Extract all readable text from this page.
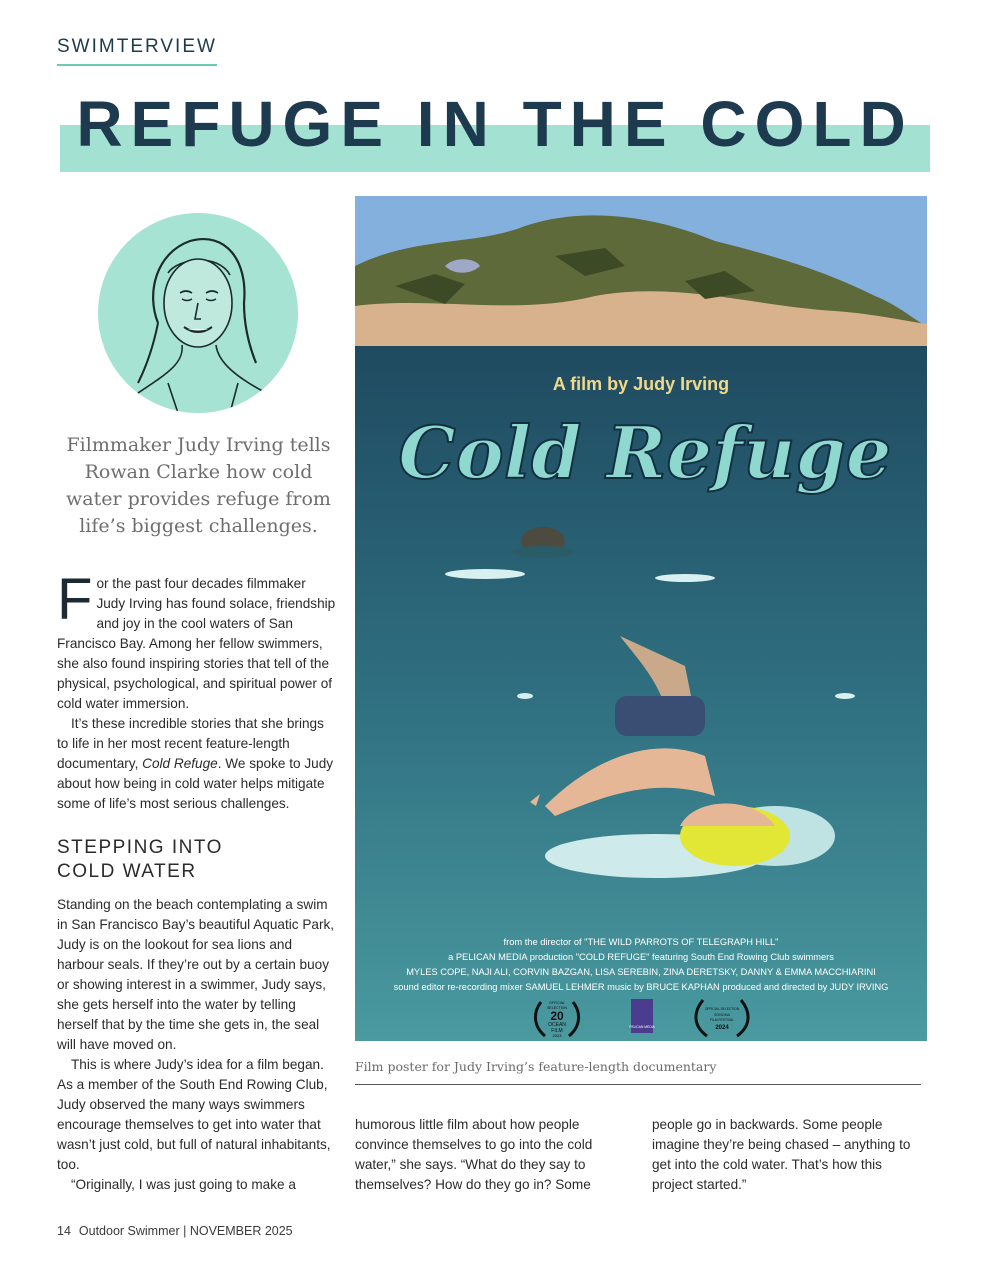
SWIMTERVIEW
REFUGE IN THE COLD
Filmmaker Judy Irving tells Rowan Clarke how cold water provides refuge from life’s biggest challenges.

For the past four decades filmmaker Judy Irving has found solace, friendship and joy in the cool waters of San Francisco Bay. Among her fellow swimmers, she also found inspiring stories that tell of the physical, psychological, and spiritual power of cold water immersion.

It’s these incredible stories that she brings to life in her most recent feature-length documentary, Cold Refuge. We spoke to Judy about how being in cold water helps mitigate some of life’s most serious challenges.

STEPPING INTO
COLD WATER

Standing on the beach contemplating a swim in San Francisco Bay’s beautiful Aquatic Park, Judy is on the lookout for sea lions and harbour seals. If they’re out by a certain buoy or showing interest in a swimmer, Judy says, she gets herself into the water by telling herself that by the time she gets in, the seal will have moved on.

This is where Judy’s idea for a film began. As a member of the South End Rowing Club, Judy observed the many ways swimmers encourage themselves to get into water that wasn’t just cold, but full of natural inhabitants, too.

“Originally, I was just going to make a

A film by Judy Irving
Cold Refuge
from the director of "THE WILD PARROTS OF TELEGRAPH HILL"
a PELICAN MEDIA production "COLD REFUGE" featuring South End Rowing Club swimmers
MYLES COPE, NAJI ALI, CORVIN BAZGAN, LISA SEREBIN, ZINA DERETSKY, DANNY & EMMA MACCHIARINI
sound editor re-recording mixer SAMUEL LEHMER music by BRUCE KAPHAN produced and directed by JUDY IRVING
OFFICIAL
SELECTION
20
OCEAN
FILM
2023
PELICAN MEDIA
OFFICIAL SELECTION
SONOMA
FILM FESTIVAL
2024
Film poster for Judy Irving’s feature-length documentary

humorous little film about how people convince themselves to go into the cold water,” she says. “What do they say to themselves? How do they go in? Some

people go in backwards. Some people imagine they’re being chased – anything to get into the cold water. That’s how this project started.”

14 Outdoor Swimmer | NOVEMBER 2025
